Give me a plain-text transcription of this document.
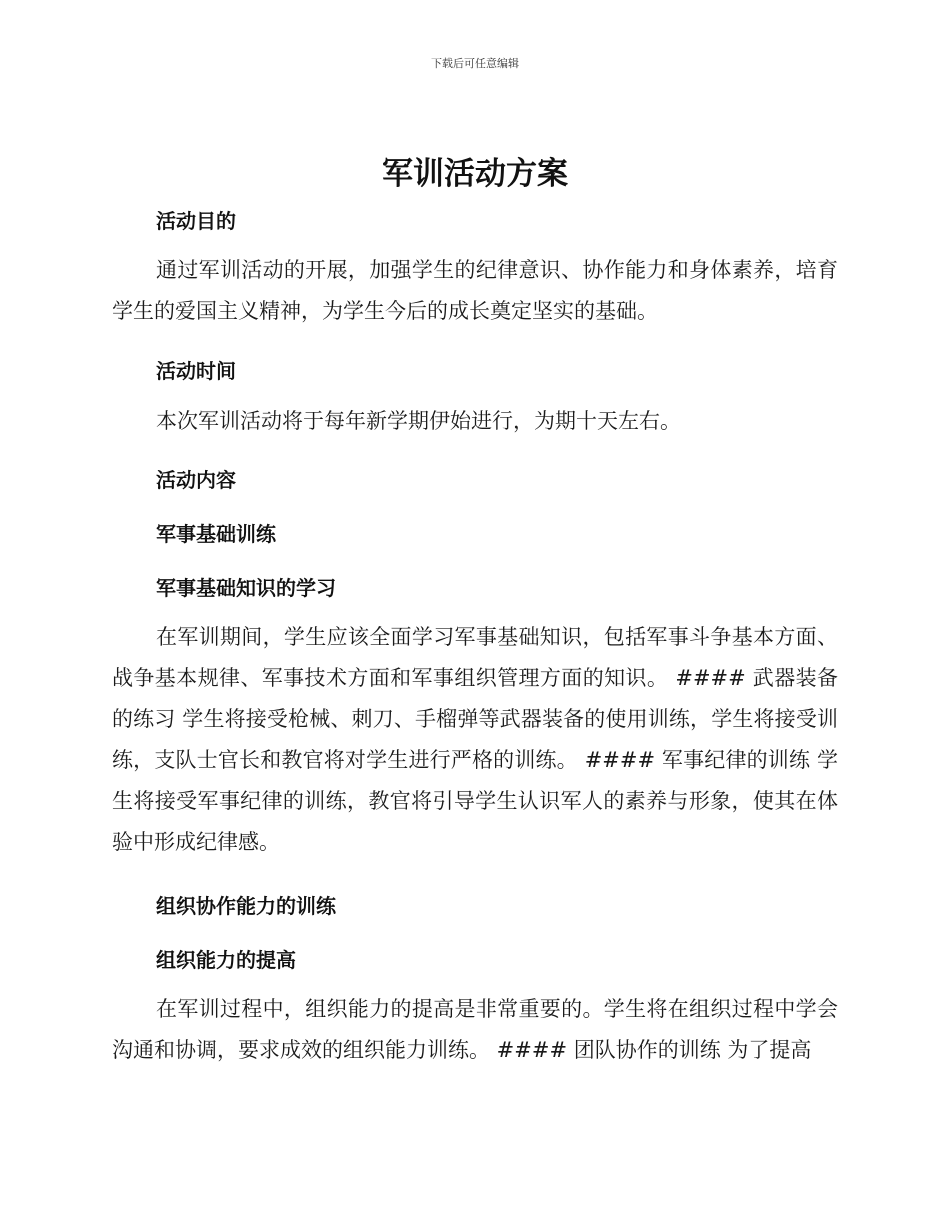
下载后可任意编辑
军训活动方案
活动目的

通过军训活动的开展，加强学生的纪律意识、协作能力和身体素养，培育学生的爱国主义精神，为学生今后的成长奠定坚实的基础。

活动时间

本次军训活动将于每年新学期伊始进行，为期十天左右。

活动内容
军事基础训练
军事基础知识的学习

在军训期间，学生应该全面学习军事基础知识，包括军事斗争基本方面、战争基本规律、军事技术方面和军事组织管理方面的知识。 #### 武器装备的练习 学生将接受枪械、刺刀、手榴弹等武器装备的使用训练，学生将接受训练，支队士官长和教官将对学生进行严格的训练。 #### 军事纪律的训练 学生将接受军事纪律的训练，教官将引导学生认识军人的素养与形象，使其在体验中形成纪律感。

组织协作能力的训练
组织能力的提高

在军训过程中，组织能力的提高是非常重要的。学生将在组织过程中学会沟通和协调，要求成效的组织能力训练。 #### 团队协作的训练 为了提高
